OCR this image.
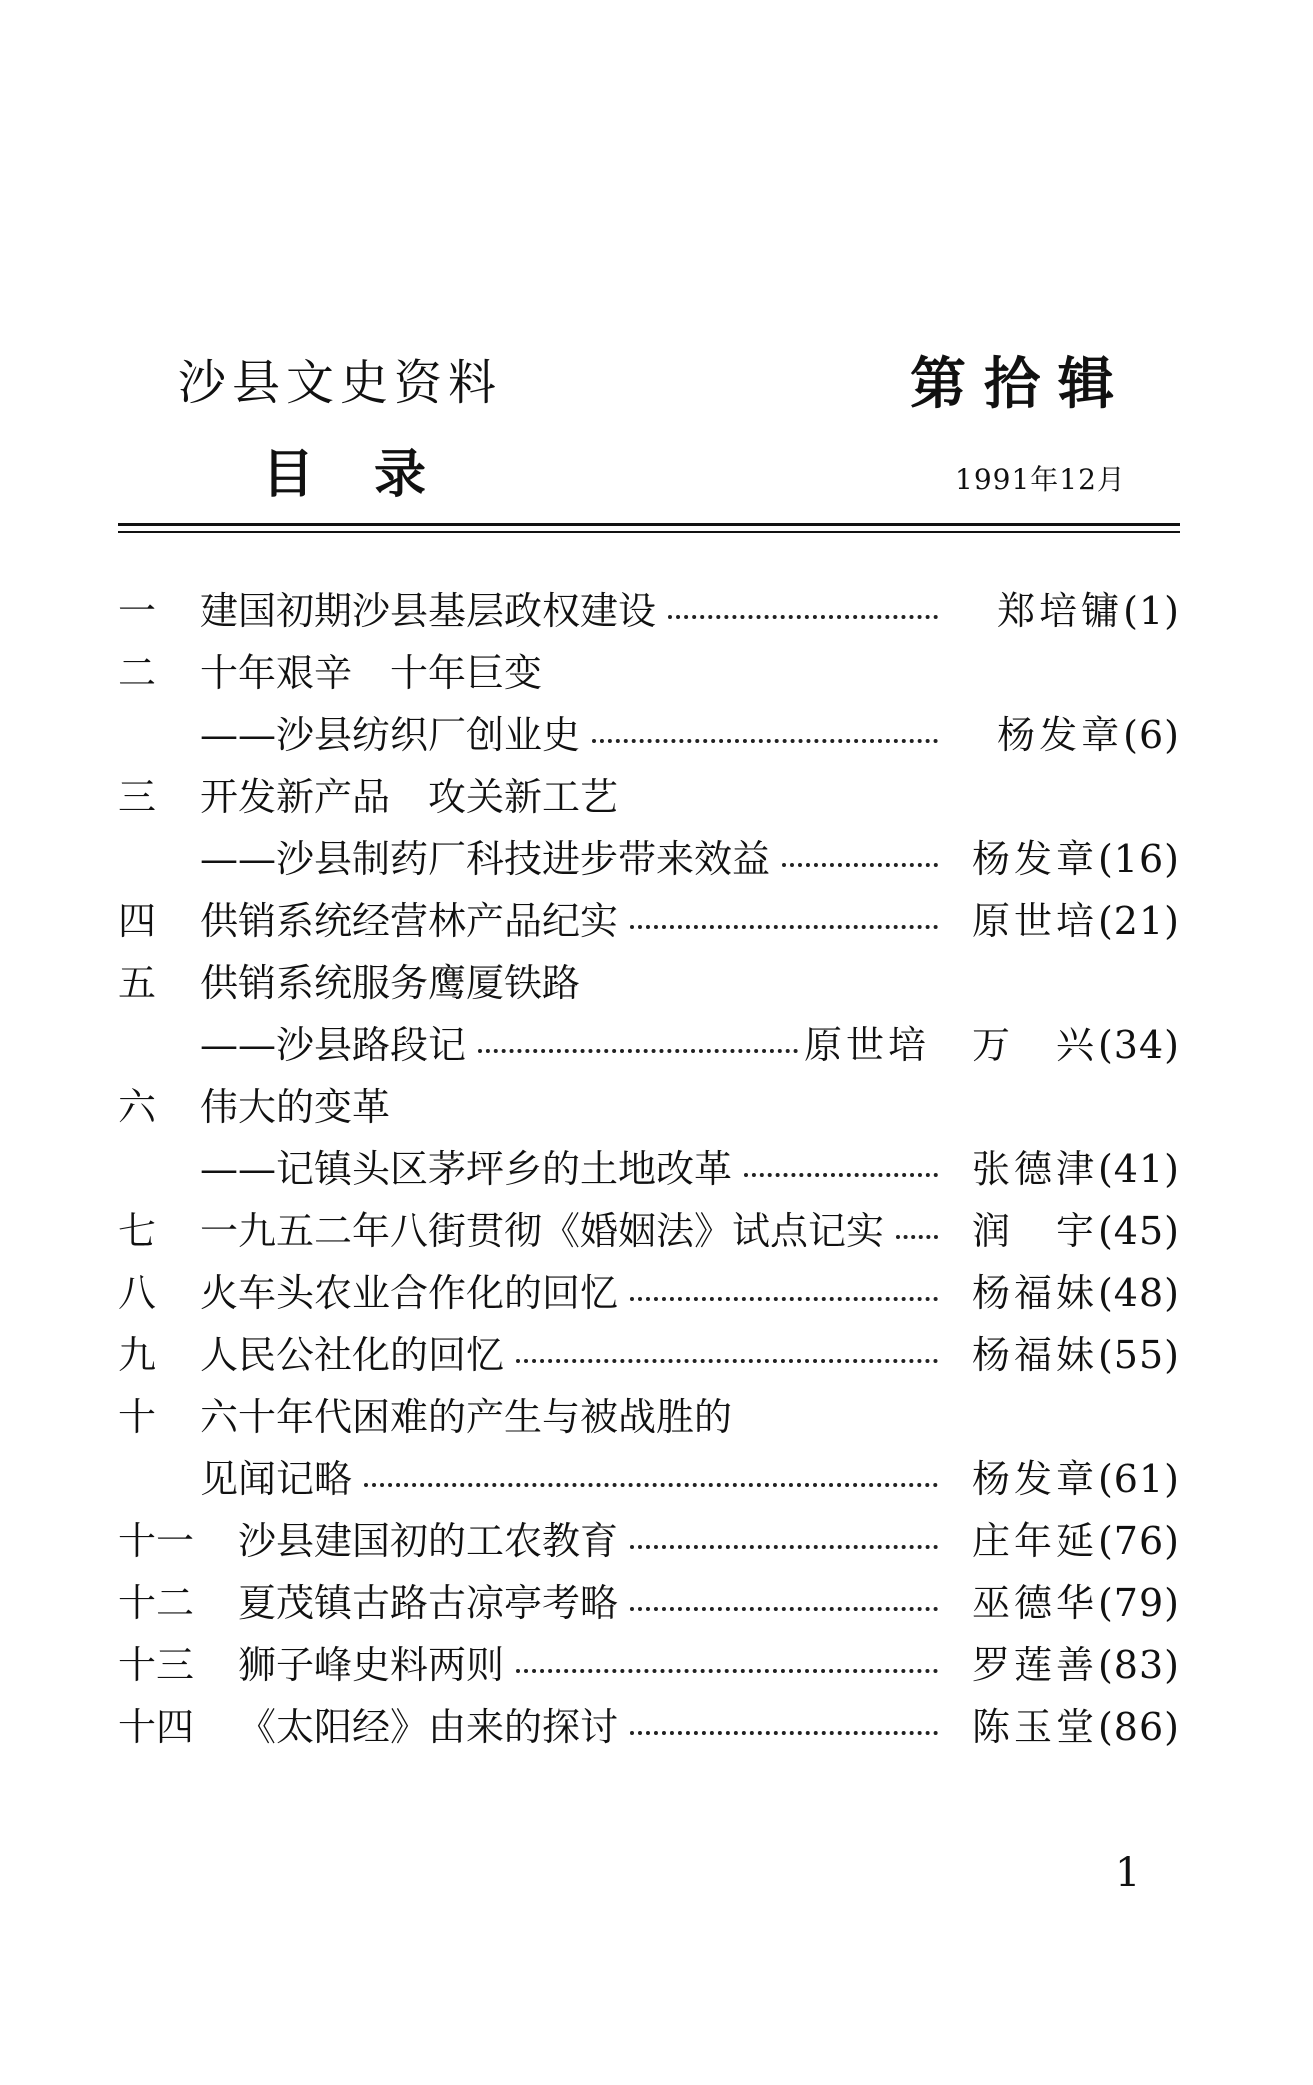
沙县文史资料	第拾辑
目录	1991年12月
一 建国初期沙县基层政权建设	郑培镛 (1)
二 十年艰辛　十年巨变
——沙县纺织厂创业史	杨发章 (6)
三 开发新产品　攻关新工艺
——沙县制药厂科技进步带来效益	杨发章 (16)
四 供销系统经营林产品纪实	原世培 (21)
五 供销系统服务鹰厦铁路
——沙县路段记	原世培　万　兴 (34)
六 伟大的变革
——记镇头区茅坪乡的土地改革	张德津 (41)
七 一九五二年八街贯彻《婚姻法》试点记实 润　宇 (45)
八 火车头农业合作化的回忆	杨福妹 (48)
九 人民公社化的回忆	杨福妹 (55)
十 六十年代困难的产生与被战胜的
见闻记略	杨发章 (61)
十一 沙县建国初的工农教育	庄年延 (76)
十二 夏茂镇古路古凉亭考略	巫德华 (79)
十三 狮子峰史料两则	罗莲善 (83)
十四 《太阳经》由来的探讨	陈玉堂 (86)
1
